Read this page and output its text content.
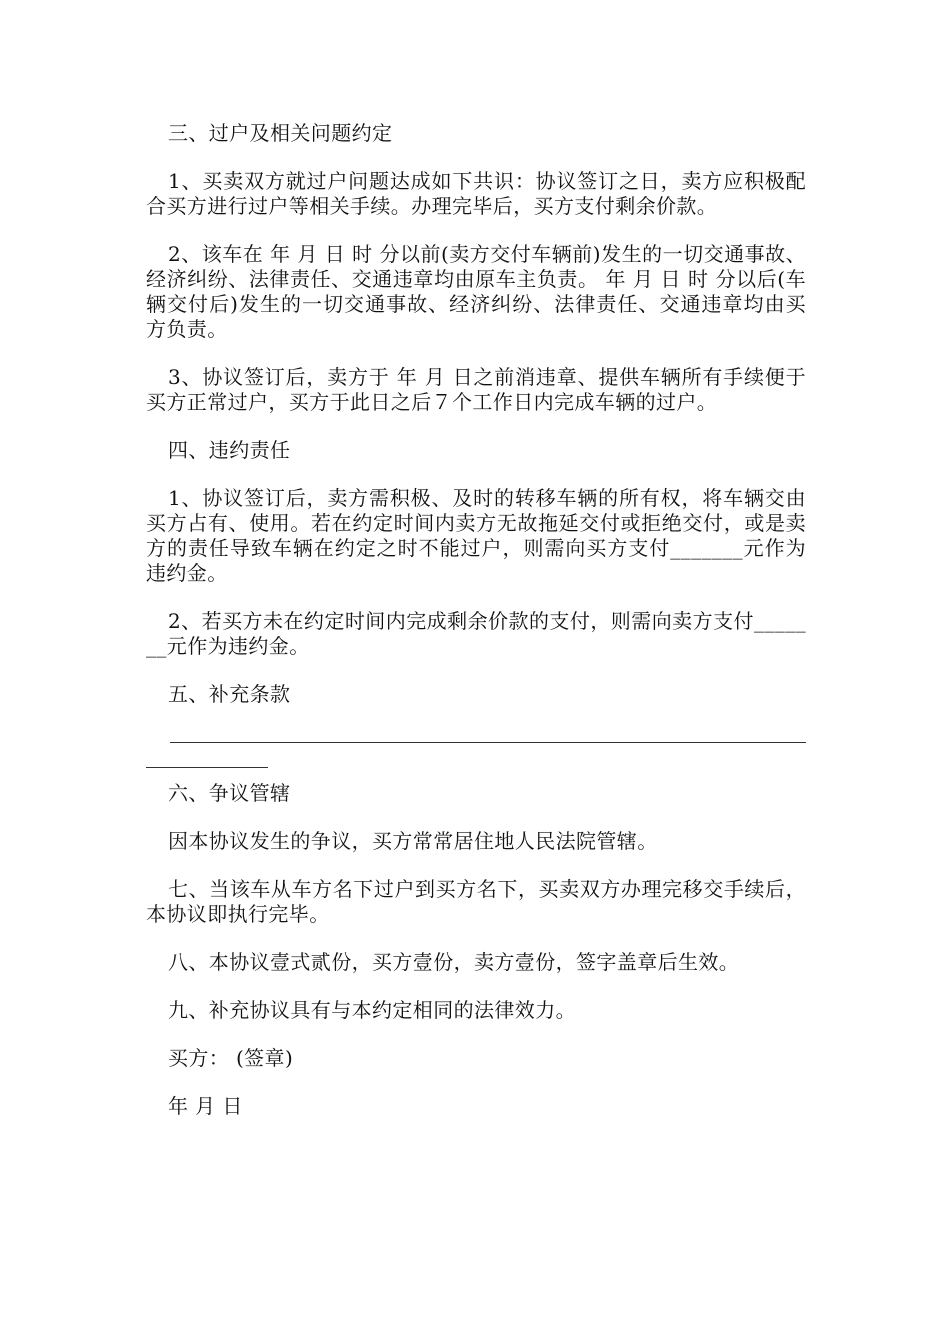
三、过户及相关问题约定

1、买卖双方就过户问题达成如下共识：协议签订之日，卖方应积极配合买方进行过户等相关手续。办理完毕后，买方支付剩余价款。

2、该车在 年 月 日 时 分以前(卖方交付车辆前)发生的一切交通事故、经济纠纷、法律责任、交通违章均由原车主负责。 年 月 日 时 分以后(车辆交付后)发生的一切交通事故、经济纠纷、法律责任、交通违章均由买方负责。

3、协议签订后，卖方于 年 月 日之前消违章、提供车辆所有手续便于买方正常过户，买方于此日之后７个工作日内完成车辆的过户。

四、违约责任

1、协议签订后，卖方需积极、及时的转移车辆的所有权，将车辆交由买方占有、使用。若在约定时间内卖方无故拖延交付或拒绝交付，或是卖方的责任导致车辆在约定之时不能过户，则需向买方支付_______元作为违约金。

2、若买方未在约定时间内完成剩余价款的支付，则需向卖方支付_______元作为违约金。

五、补充条款

六、争议管辖

因本协议发生的争议，买方常常居住地人民法院管辖。

七、当该车从车方名下过户到买方名下，买卖双方办理完移交手续后，本协议即执行完毕。

八、本协议壹式贰份，买方壹份，卖方壹份，签字盖章后生效。

九、补充协议具有与本约定相同的法律效力。

买方： (签章)

年 月 日
